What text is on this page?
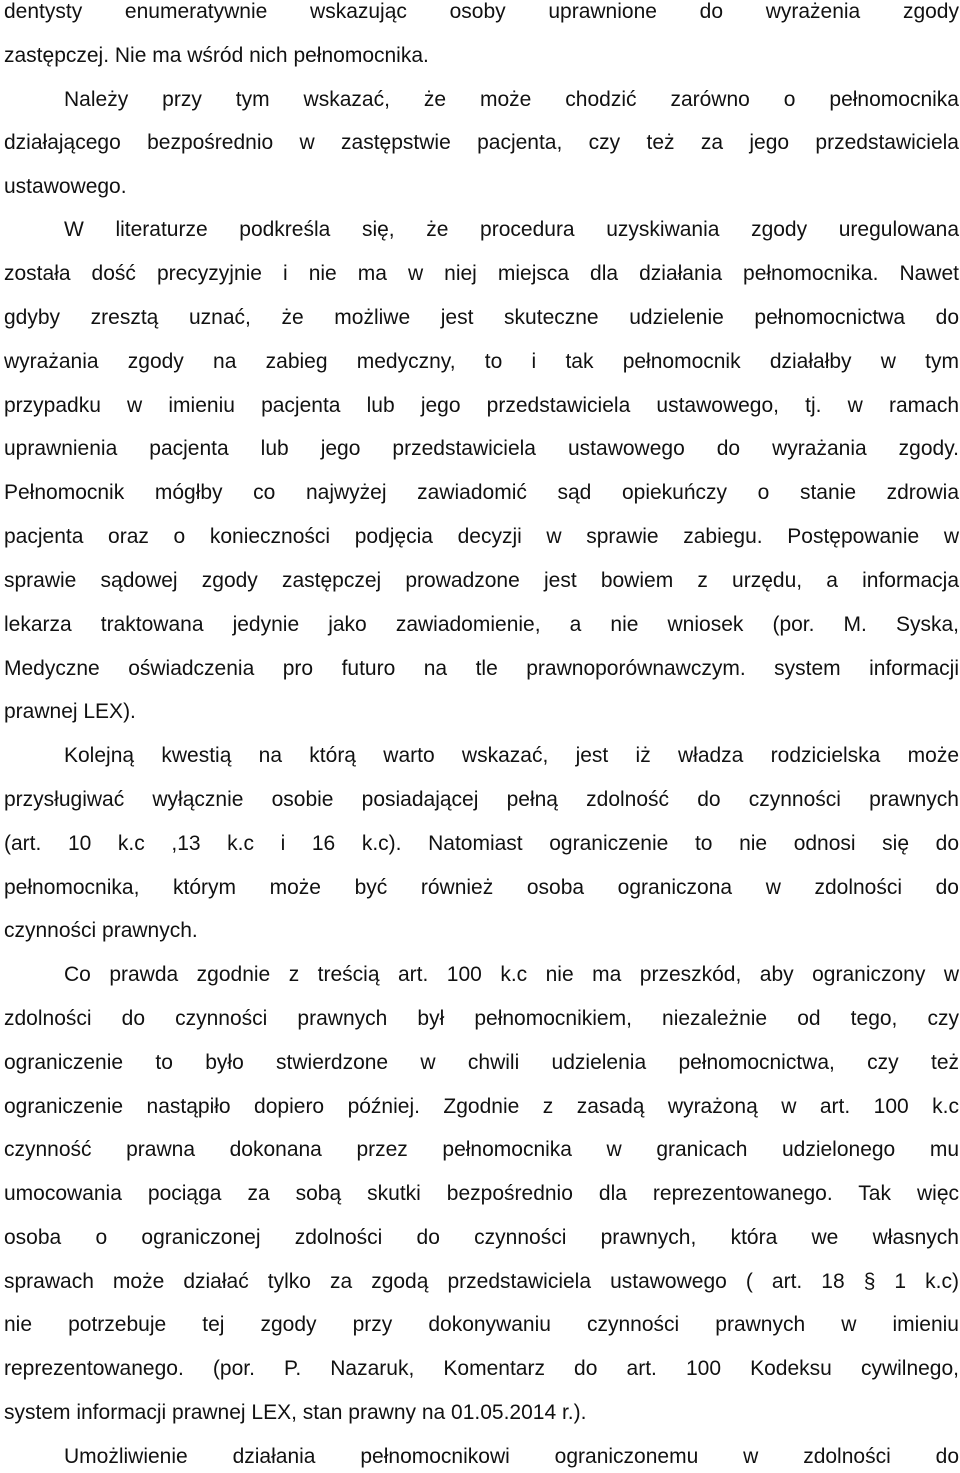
dentysty enumeratywnie wskazując osoby uprawnione do wyrażenia zgody
zastępczej. Nie ma wśród nich pełnomocnika.
Należy przy tym wskazać, że może chodzić zarówno o pełnomocnika
działającego bezpośrednio w zastępstwie pacjenta, czy też za jego przedstawiciela
ustawowego.
W literaturze podkreśla się, że procedura uzyskiwania zgody uregulowana
została dość precyzyjnie i nie ma w niej miejsca dla działania pełnomocnika. Nawet
gdyby zresztą uznać, że możliwe jest skuteczne udzielenie pełnomocnictwa do
wyrażania zgody na zabieg medyczny, to i tak pełnomocnik działałby w tym
przypadku w imieniu pacjenta lub jego przedstawiciela ustawowego, tj. w ramach
uprawnienia pacjenta lub jego przedstawiciela ustawowego do wyrażania zgody.
Pełnomocnik mógłby co najwyżej zawiadomić sąd opiekuńczy o stanie zdrowia
pacjenta oraz o konieczności podjęcia decyzji w sprawie zabiegu. Postępowanie w
sprawie sądowej zgody zastępczej prowadzone jest bowiem z urzędu, a informacja
lekarza traktowana jedynie jako zawiadomienie, a nie wniosek (por. M. Syska,
Medyczne oświadczenia pro futuro na tle prawnoporównawczym. system informacji
prawnej LEX).
Kolejną kwestią na którą warto wskazać, jest iż władza rodzicielska może
przysługiwać wyłącznie osobie posiadającej pełną zdolność do czynności prawnych
(art. 10 k.c ,13 k.c i 16 k.c). Natomiast ograniczenie to nie odnosi się do
pełnomocnika, którym może być również osoba ograniczona w zdolności do
czynności prawnych.
Co prawda zgodnie z treścią art. 100 k.c nie ma przeszkód, aby ograniczony w
zdolności do czynności prawnych był pełnomocnikiem, niezależnie od tego, czy
ograniczenie to było stwierdzone w chwili udzielenia pełnomocnictwa, czy też
ograniczenie nastąpiło dopiero później. Zgodnie z zasadą wyrażoną w art. 100 k.c
czynność prawna dokonana przez pełnomocnika w granicach udzielonego mu
umocowania pociąga za sobą skutki bezpośrednio dla reprezentowanego. Tak więc
osoba o ograniczonej zdolności do czynności prawnych, która we własnych
sprawach może działać tylko za zgodą przedstawiciela ustawowego ( art. 18 § 1 k.c)
nie potrzebuje tej zgody przy dokonywaniu czynności prawnych w imieniu
reprezentowanego. (por. P. Nazaruk, Komentarz do art. 100 Kodeksu cywilnego,
system informacji prawnej LEX, stan prawny na 01.05.2014 r.).
Umożliwienie działania pełnomocnikowi ograniczonemu w zdolności do
